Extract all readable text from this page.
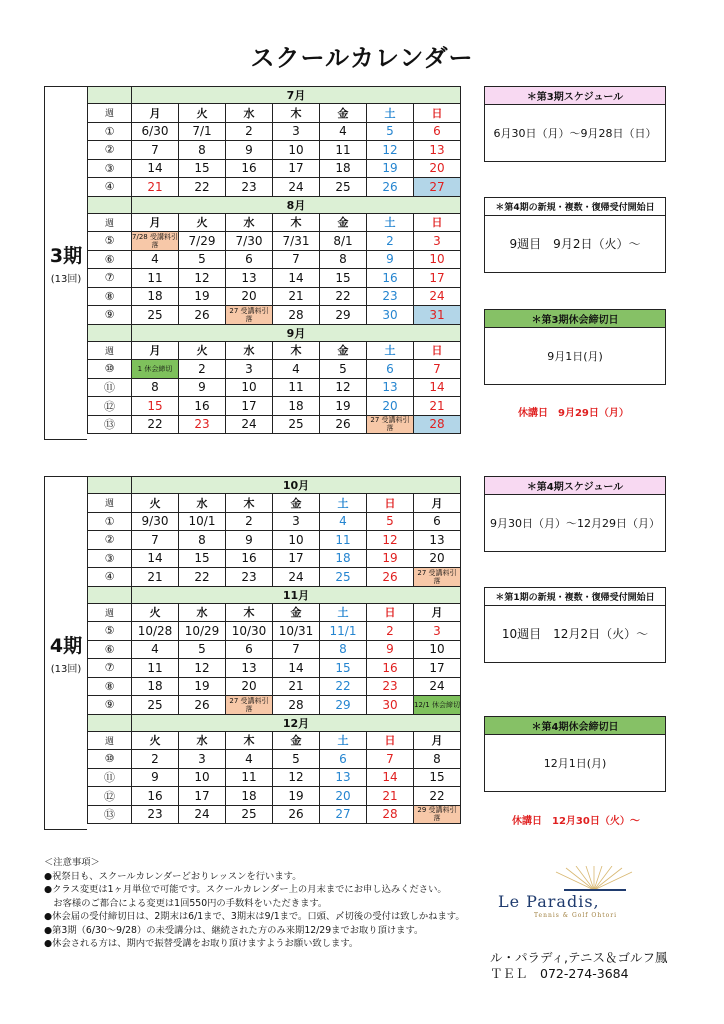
スクールカレンダー
3期
(13回)
	7月						
週	月	火	水	木	金	土	日
①	6/30	7/1	2	3	4	5	6
②	7	8	9	10	11	12	13
③	14	15	16	17	18	19	20
④	21	22	23	24	25	26	27
	8月						
週	月	火	水	木	金	土	日
⑤	7/28 受講料引落	7/29	7/30	7/31	8/1	2	3
⑥	4	5	6	7	8	9	10
⑦	11	12	13	14	15	16	17
⑧	18	19	20	21	22	23	24
⑨	25	26	27 受講料引落	28	29	30	31
	9月						
週	月	火	水	木	金	土	日
⑩	1 休会締切	2	3	4	5	6	7
⑪	8	9	10	11	12	13	14
⑫	15	16	17	18	19	20	21
⑬	22	23	24	25	26	27 受講料引落	28
4期
(13回)
	10月						
週	火	水	木	金	土	日	月
①	9/30	10/1	2	3	4	5	6
②	7	8	9	10	11	12	13
③	14	15	16	17	18	19	20
④	21	22	23	24	25	26	27 受講料引落
	11月						
週	火	水	木	金	土	日	月
⑤	10/28	10/29	10/30	10/31	11/1	2	3
⑥	4	5	6	7	8	9	10
⑦	11	12	13	14	15	16	17
⑧	18	19	20	21	22	23	24
⑨	25	26	27 受講料引落	28	29	30	12/1 休会締切
	12月						
週	火	水	木	金	土	日	月
⑩	2	3	4	5	6	7	8
⑪	9	10	11	12	13	14	15
⑫	16	17	18	19	20	21	22
⑬	23	24	25	26	27	28	29 受講料引落
＊第3期スケジュール
6月30日（月）～9月28日（日）
＊第4期の新規・複数・復帰受付開始日
9週目　9月2日（火）～
＊第3期休会締切日
9月1日(月)
休講日　9月29日（月）
＊第4期スケジュール
9月30日（月）～12月29日（月）
＊第1期の新規・複数・復帰受付開始日
10週目　12月2日（火）～
＊第4期休会締切日
12月1日(月)
休講日　12月30日（火）～
＜注意事項＞
●祝祭日も、スクールカレンダーどおりレッスンを行います。
●クラス変更は1ヶ月単位で可能です。スクールカレンダー上の月末までにお申し込みください。
　お客様のご都合による変更は1回550円の手数料をいただきます。
●休会届の受付締切日は、2期末は6/1まで、3期末は9/1まで。口頭、〆切後の受付は致しかねます。
●第3期（6/30～9/28）の未受講分は、継続された方のみ来期12/29までお取り頂けます。
●休会される方は、期内で振替受講をお取り頂けますようお願い致します。
Le Paradis,
Tennis & Golf Ohtori
ル・パラディ,テニス＆ゴルフ鳳
ＴＥＬ　072-274-3684
